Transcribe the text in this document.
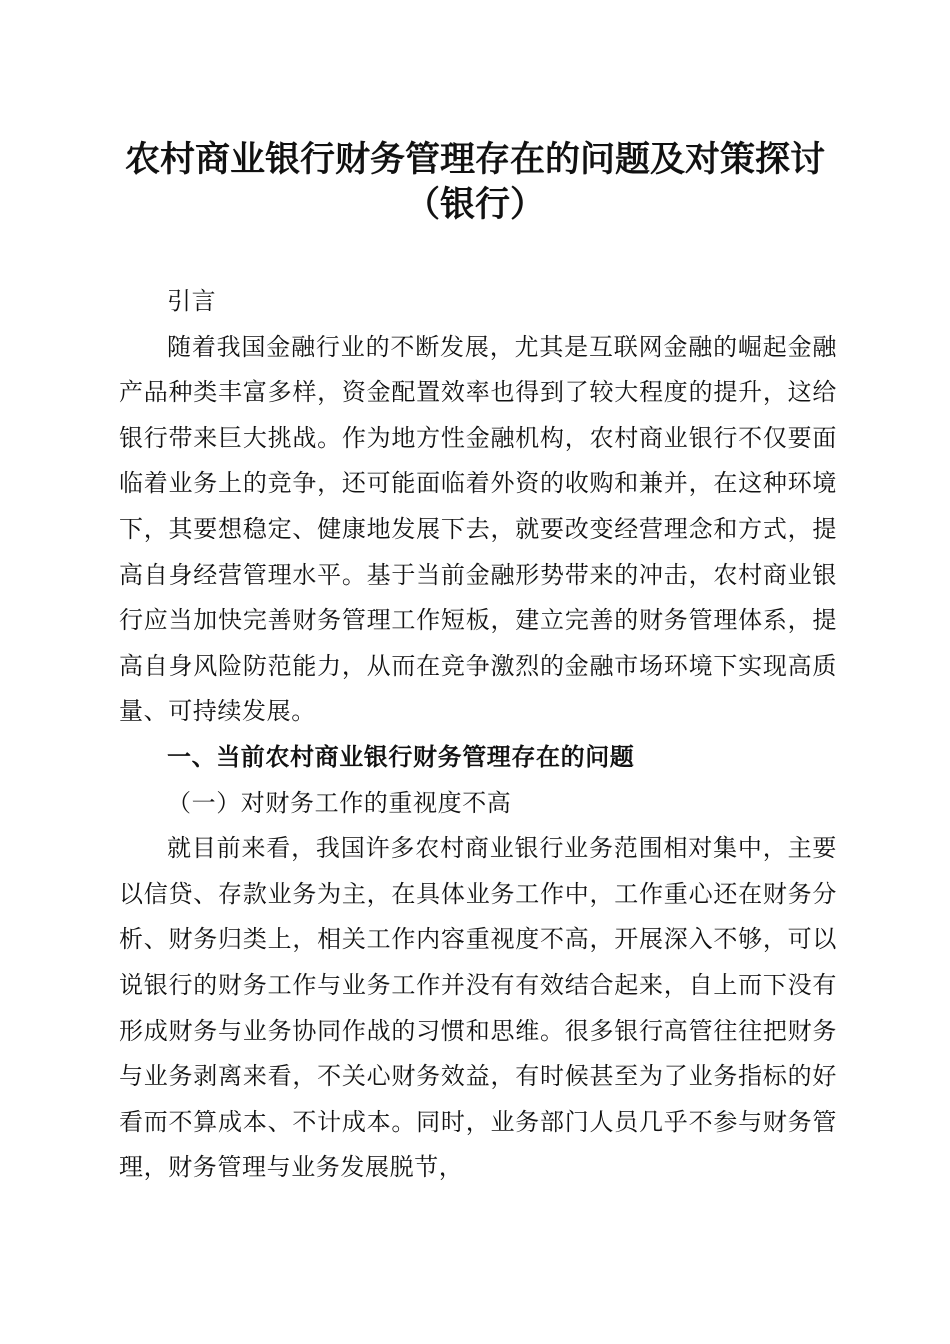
农村商业银行财务管理存在的问题及对策探讨
（银行）

引言

随着我国金融行业的不断发展，尤其是互联网金融的崛起金融产品种类丰富多样，资金配置效率也得到了较大程度的提升，这给银行带来巨大挑战。作为地方性金融机构，农村商业银行不仅要面临着业务上的竞争，还可能面临着外资的收购和兼并，在这种环境下，其要想稳定、健康地发展下去，就要改变经营理念和方式，提高自身经营管理水平。基于当前金融形势带来的冲击，农村商业银行应当加快完善财务管理工作短板，建立完善的财务管理体系，提高自身风险防范能力，从而在竞争激烈的金融市场环境下实现高质量、可持续发展。

一、当前农村商业银行财务管理存在的问题

（一）对财务工作的重视度不高

就目前来看，我国许多农村商业银行业务范围相对集中，主要以信贷、存款业务为主，在具体业务工作中，工作重心还在财务分析、财务归类上，相关工作内容重视度不高，开展深入不够，可以说银行的财务工作与业务工作并没有有效结合起来，自上而下没有形成财务与业务协同作战的习惯和思维。很多银行高管往往把财务与业务剥离来看，不关心财务效益，有时候甚至为了业务指标的好看而不算成本、不计成本。同时，业务部门人员几乎不参与财务管理，财务管理与业务发展脱节，
